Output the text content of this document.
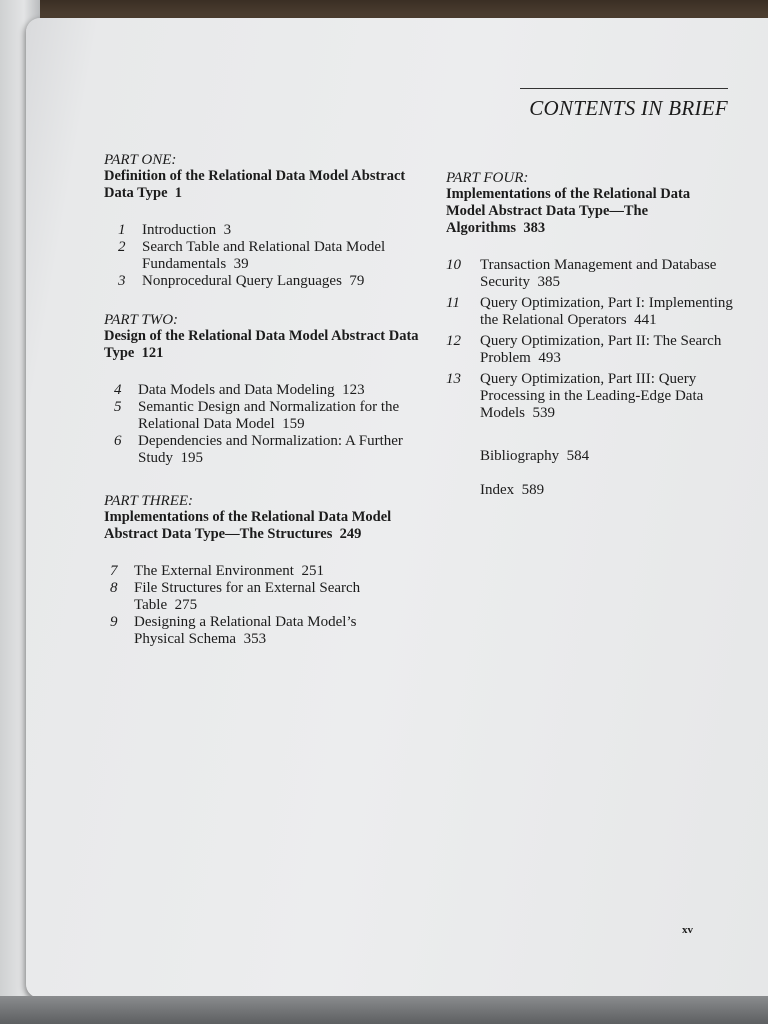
CONTENTS IN BRIEF
PART ONE:
Definition of the Relational Data Model Abstract Data Type 1
1	Introduction 3
2	Search Table and Relational Data Model Fundamentals 39
3	Nonprocedural Query Languages 79
PART TWO:
Design of the Relational Data Model Abstract Data Type 121
4	Data Models and Data Modeling 123
5	Semantic Design and Normalization for the Relational Data Model 159
6	Dependencies and Normalization: A Further Study 195
PART THREE:
Implementations of the Relational Data Model Abstract Data Type—The Structures 249
7	The External Environment 251
8	File Structures for an External Search Table 275
9	Designing a Relational Data Model’s Physical Schema 353
PART FOUR:
Implementations of the Relational Data Model Abstract Data Type—The Algorithms 383
10	Transaction Management and Database Security 385
11	Query Optimization, Part I: Implementing the Relational Operators 441
12	Query Optimization, Part II: The Search Problem 493
13	Query Optimization, Part III: Query Processing in the Leading-Edge Data Models 539
Bibliography 584
Index 589
xv
